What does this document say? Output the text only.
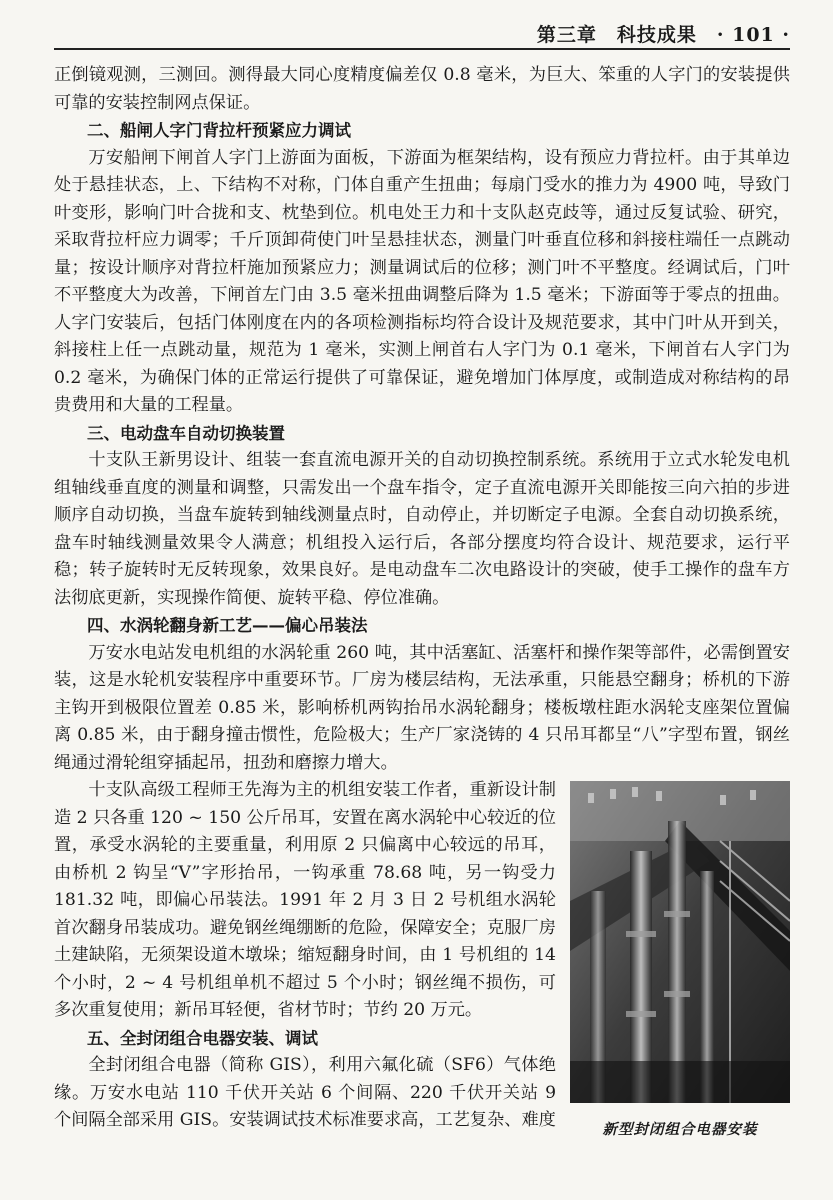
第三章　科技成果　· 101 ·

正倒镜观测，三测回。测得最大同心度精度偏差仅 0.8 毫米，为巨大、笨重的人字门的安装提供可靠的安装控制网点保证。

二、船闸人字门背拉杆预紧应力调试

万安船闸下闸首人字门上游面为面板，下游面为框架结构，设有预应力背拉杆。由于其单边处于悬挂状态，上、下结构不对称，门体自重产生扭曲；每扇门受水的推力为 4900 吨，导致门叶变形，影响门叶合拢和支、枕垫到位。机电处王力和十支队赵克歧等，通过反复试验、研究，采取背拉杆应力调零；千斤顶卸荷使门叶呈悬挂状态，测量门叶垂直位移和斜接柱端任一点跳动量；按设计顺序对背拉杆施加预紧应力；测量调试后的位移；测门叶不平整度。经调试后，门叶不平整度大为改善，下闸首左门由 3.5 毫米扭曲调整后降为 1.5 毫米；下游面等于零点的扭曲。人字门安装后，包括门体刚度在内的各项检测指标均符合设计及规范要求，其中门叶从开到关，斜接柱上任一点跳动量，规范为 1 毫米，实测上闸首右人字门为 0.1 毫米，下闸首右人字门为 0.2 毫米，为确保门体的正常运行提供了可靠保证，避免增加门体厚度，或制造成对称结构的昂贵费用和大量的工程量。

三、电动盘车自动切换装置

十支队王新男设计、组装一套直流电源开关的自动切换控制系统。系统用于立式水轮发电机组轴线垂直度的测量和调整，只需发出一个盘车指令，定子直流电源开关即能按三向六拍的步进顺序自动切换，当盘车旋转到轴线测量点时，自动停止，并切断定子电源。全套自动切换系统，盘车时轴线测量效果令人满意；机组投入运行后，各部分摆度均符合设计、规范要求，运行平稳；转子旋转时无反转现象，效果良好。是电动盘车二次电路设计的突破，使手工操作的盘车方法彻底更新，实现操作简便、旋转平稳、停位准确。

四、水涡轮翻身新工艺——偏心吊装法

万安水电站发电机组的水涡轮重 260 吨，其中活塞缸、活塞杆和操作架等部件，必需倒置安装，这是水轮机安装程序中重要环节。厂房为楼层结构，无法承重，只能悬空翻身；桥机的下游主钩开到极限位置差 0.85 米，影响桥机两钩抬吊水涡轮翻身；楼板墩柱距水涡轮支座架位置偏离 0.85 米，由于翻身撞击惯性，危险极大；生产厂家浇铸的 4 只吊耳都呈“八”字型布置，钢丝绳通过滑轮组穿插起吊，扭劲和磨擦力增大。

十支队高级工程师王先海为主的机组安装工作者，重新设计制造 2 只各重 120 ~ 150 公斤吊耳，安置在离水涡轮中心较近的位置，承受水涡轮的主要重量，利用原 2 只偏离中心较远的吊耳，由桥机 2 钩呈“V”字形抬吊，一钩承重 78.68 吨，另一钩受力 181.32 吨，即偏心吊装法。1991 年 2 月 3 日 2 号机组水涡轮首次翻身吊装成功。避免钢丝绳绷断的危险，保障安全；克服厂房土建缺陷，无须架设道木墩垛；缩短翻身时间，由 1 号机组的 14 个小时，2 ~ 4 号机组单机不超过 5 个小时；钢丝绳不损伤，可多次重复使用；新吊耳轻便，省材节时；节约 20 万元。

五、全封闭组合电器安装、调试

全封闭组合电器（简称 GIS），利用六氟化硫（SF6）气体绝缘。万安水电站 110 千伏开关站 6 个间隔、220 千伏开关站 9 个间隔全部采用 GIS。安装调试技术标准要求高，工艺复杂、难度	新型封闭组合电器安装
